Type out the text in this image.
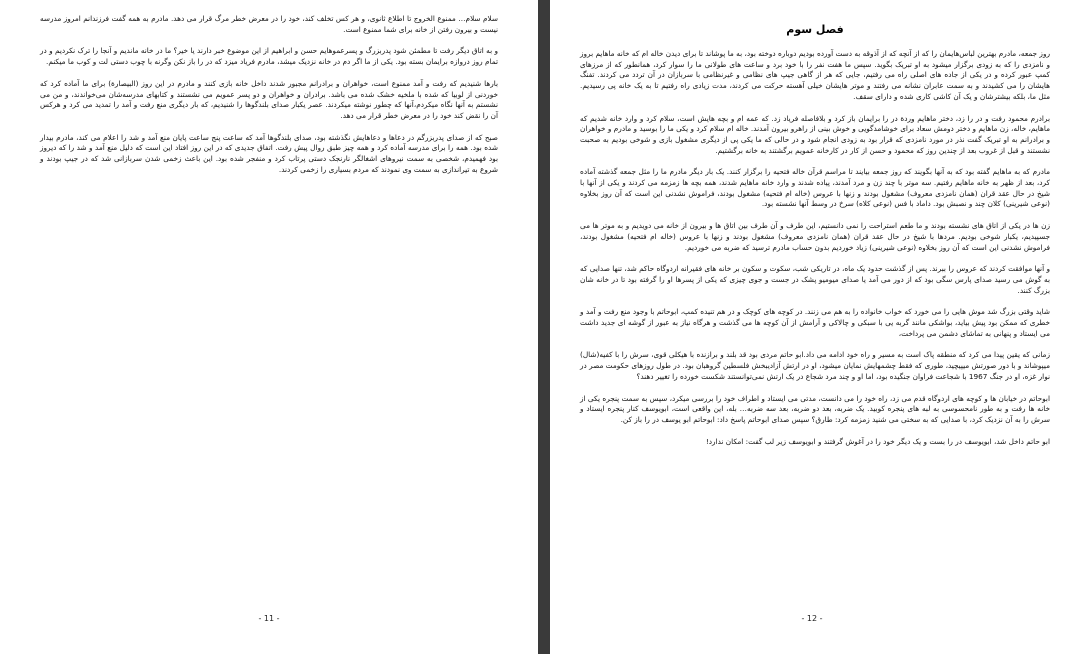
سلام سلام… ممنوع الخروج تا اطلاع ثانوی، و هر کس تخلف کند، خود را در معرض خطر مرگ قرار می دهد. مادرم به همه گفت فرزندانم امروز مدرسه نیست و بیرون رفتن از خانه برای شما ممنوع است.

و به اتاق دیگر رفت تا مطمئن شود پدربزرگ و پسرعموهایم حسن و ابراهیم از این موضوع خبر دارند یا خیر؟ ما در خانه ماندیم و آنجا را ترک نکردیم و در تمام روز دروازه برایمان بسته بود. یکی از ما اگر دم در خانه نزدیک میشد، مادرم فریاد میزد که در را باز نکن وگرنه با چوب دستی لت و کوب ما میکنم.

بارها شنیدیم که رفت و آمد ممنوع است، خواهران و برادرانم مجبور شدند داخل خانه بازی کنند و مادرم در این روز (البیصارة) برای ما آماده کرد که خوردنی از لوبیا که شده با ملخیه خشک شده می باشد. برادران و خواهران و دو پسر عمویم می نشستند و کتابهای مدرسه‌شان می‌خواندند، و من می نشستم به آنها نگاه میکردم،آنها که چطور نوشته میکردند. عصر یکبار صدای بلندگوها را شنیدیم، که بار دیگری منع رفت و آمد را تمدید می کرد و هرکس آن را نقض کند خود را در معرض خطر قرار می دهد.

صبح که از صدای پدربزرگم در دعاها و دعاهایش نگذشته بود، صدای بلندگوها آمد که ساعت پنج ساعت پایان منع آمد و شد را اعلام می کند، مادرم بیدار شده بود. همه را برای مدرسه آماده کرد و همه چیز طبق روال پیش رفت. اتفاق جدیدی که در این روز افتاد این است که دلیل منع آمد و شد را که دیروز بود فهمیدم، شخصی به سمت نیروهای اشغالگر نارنجک دستی پرتاب کرد و منفجر شده بود. این باعث زخمی شدن سربازانی شد که در جیپ بودند و شروع به تیراندازی به سمت وی نمودند که مردم بسیاری را زخمی کردند.

- 11 -
فصل سوم

روز جمعه، مادرم بهترین لباس‌هایمان را که از آنچه که از آذوقه به دست آورده بودیم دوباره دوخته بود، به ما پوشاند تا برای دیدن خاله ام که خانه ماهایم بروز و نامزدی را که به زودی برگزار میشود به او تبریک بگوید. سپس ما هفت نفر را با خود برد و ساعت های طولانی ما را سوار کرد، همانطور که از مرزهای کمپ عبور کرده و در یکی از جاده های اصلی راه می رفتیم، جایی که هر از گاهی جیپ های نظامی و غیرنظامی با سربازان در آن تردد می کردند. تفنگ هایشان را می کشیدند و به سمت عابران نشانه می رفتند و موتر هایشان خیلی آهسته حرکت می کردند، مدت زیادی راه رفتیم تا به یک خانه پی رسیدیم. مثل ما، بلکه بیشترشان و یک آن کاشی کاری شده و دارای سقف.

برادرم محمود رفت و در را زد، دختر ماهایم وردة در را برایمان باز کرد و بلافاصله فریاد زد. که عمه ام و بچه هایش است، سلام کرد و وارد خانه شدیم که ماهایم، خاله، زن ماهایم و دختر دومش سعاد برای خوشامدگویی و خوش بینی از راهرو بیرون آمدند. خاله ام سلام کرد و یکی ما را بوسید و مادرم و خواهران و برادرانم به او تبریک گفت نذر در مورد نامزدی که قرار بود به زودی انجام شود و در حالی که ما یکی پی از دیگری مشغول بازی و شوخی بودیم به صحبت نشستند و قبل از غروب بعد از چندین روز که محمود و حسن از کار در کارخانه عمویم برگشتند به خانه برگشتیم.

مادرم که به ماهایم گفته بود که به آنها بگویند که روز جمعه بیایند تا مراسم قرآن خاله فتحیه را برگزار کنند. یک بار دیگر مادرم ما را مثل جمعه گذشته آماده کرد، بعد از ظهر به خانه ماهایم رفتیم. سه موتر با چند زن و مرد آمدند، پیاده شدند و وارد خانه ماهایم شدند، همه بچه ها زمزمه می کردند و یکی از آنها با شیخ در حال عقد قران (همان نامزدی معروف) مشغول بودند و زنها با عروس (خاله ام فتحیه) مشغول بودند، فراموش نشدنی این است که آن روز بخلاوه (نوعی شیرینی) کلان چند و نصبش بود. داماد با فس (نوعی کلاه) سرخ در وسط آنها نشسته بود.

زن ها در یکی از اتاق های نشسته بودند و ما طعم استراحت را نمی دانستیم، این طرف و آن طرف بین اتاق ها و بیرون از خانه می دویدیم و به موتر ها می جسپیدیم، یکبار شوخی بودیم. مردها با شیخ در حال عقد قران (همان نامزدی معروف) مشغول بودند و زنها با عروس (خاله ام فتحیه) مشغول بودند، فراموش نشدنی این است که آن روز بخلاوه (نوعی شیرینی) زیاد خوردیم بدون حساب مادرم ترسید که ضربه می خوردیم.

و آنها موافقت کردند که عروس را ببرند. پس از گذشت حدود یک ماه، در تاریکی شب، سکوت و سکون بر خانه های فقیرانه اردوگاه حاکم شد، تنها صدایی که به گوش می رسید صدای پارس سگی بود که از دور می آمد یا صدای میومیو پشک در جست و جوی چیزی که یکی از پسرها او را گرفته بود تا در خانه شان بزرگ کنند.

شاید وقتی بزرگ شد موش هایی را می خورد که خواب خانواده را به هم می زنند. در کوچه های کوچک و در هم تنیده کمپ، ابوحاتم با وجود منع رفت و آمد و خطری که ممکن بود پیش بیاید، بواشکی مانند گربه یی با سبکی و چالاکی و آرامش از آن کوچه ها می گذشت و هرگاه نیاز به عبور از گوشه ای جدید داشت می ایستاد و پنهانی به تماشای دشمن می پرداخت،

زمانی که یقین پیدا می کرد که منطقه پاک است به مسیر و راه خود ادامه می داد.ابو حاتم مردی بود قد بلند و برازنده با هیکلی قوی، سرش را با کفیه(شال) میپوشاند و با دور صورتش میپیچید، طوری که فقط چشمهایش نمایان میشود، او در ارتش آزادیبخش فلسطین گروهبان بود. در طول روزهای حکومت مصر در نوار غزه، او در جنگ 1967 با شجاعت فراوان جنگیده بود، اما او و چند مرد شجاع در یک ارتش نمی‌توانستند شکست خورده را تغییر دهند؟

ابوحاتم در خیابان ها و کوچه های اردوگاه قدم می زد، راه خود را می دانست، مدتی می ایستاد و اطراف خود را بررسی میکرد، سپس به سمت پنجره یکی از خانه ها رفت و به طور نامحسوسی به لبه های پنجره کوبید. یک ضربه، بعد دو ضربه، بعد سه ضربه… بله، این واقعی است، ابویوسف کنار پنجره ایستاد و سرش را به آن نزدیک کرد، با صدایی که به سختی می شنید زمزمه کرد: طارق؟ سپس صدای ابوحاتم پاسخ داد: ابوحاتم ابو یوسف در را باز کن.

ابو حاتم داخل شد، ابویوسف در را بست و یک دیگر خود را در آغوش گرفتند و ابویوسف زیر لب گفت: امکان ندارد!

- 12 -
